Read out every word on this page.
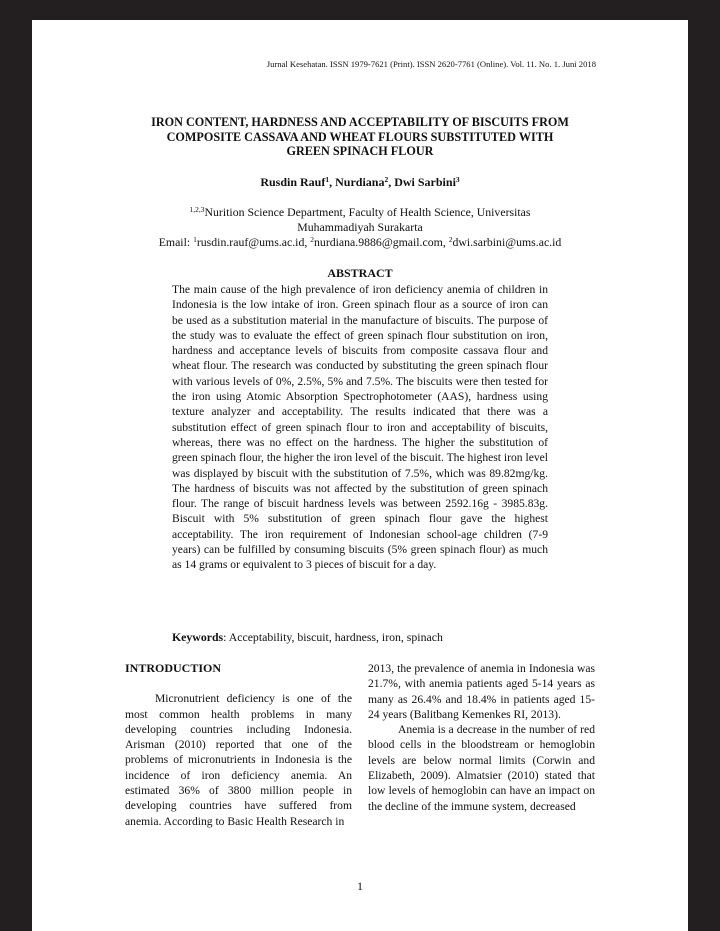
Jurnal Kesehatan. ISSN 1979-7621 (Print). ISSN 2620-7761 (Online). Vol. 11. No. 1. Juni 2018
IRON CONTENT, HARDNESS AND ACCEPTABILITY OF BISCUITS FROM
COMPOSITE CASSAVA AND WHEAT FLOURS SUBSTITUTED WITH
GREEN SPINACH FLOUR
Rusdin Rauf$^1$, Nurdiana$^2$, Dwi Sarbini$^3$
$^{1,2,3}$Nurition Science Department, Faculty of Health Science, Universitas
Muhammadiyah Surakarta
Email: $^1$rusdin.rauf@ums.ac.id, $^2$nurdiana.9886@gmail.com, $^2$dwi.sarbini@ums.ac.id
ABSTRACT

The main cause of the high prevalence of iron deficiency anemia of children in Indonesia is the low intake of iron. Green spinach flour as a source of iron can be used as a substitution material in the manufacture of biscuits. The purpose of the study was to evaluate the effect of green spinach flour substitution on iron, hardness and acceptance levels of biscuits from composite cassava flour and wheat flour. The research was conducted by substituting the green spinach flour with various levels of 0%, 2.5%, 5% and 7.5%. The biscuits were then tested for the iron using Atomic Absorption Spectrophotometer (AAS), hardness using texture analyzer and acceptability. The results indicated that there was a substitution effect of green spinach flour to iron and acceptability of biscuits, whereas, there was no effect on the hardness. The higher the substitution of green spinach flour, the higher the iron level of the biscuit. The highest iron level was displayed by biscuit with the substitution of 7.5%, which was 89.82mg/kg. The hardness of biscuits was not affected by the substitution of green spinach flour. The range of biscuit hardness levels was between 2592.16g - 3985.83g. Biscuit with 5% substitution of green spinach flour gave the highest acceptability. The iron requirement of Indonesian school-age children (7-9 years) can be fulfilled by consuming biscuits (5% green spinach flour) as much as 14 grams or equivalent to 3 pieces of biscuit for a day.

Keywords: Acceptability, biscuit, hardness, iron, spinach
INTRODUCTION

Micronutrient deficiency is one of the most common health problems in many developing countries including Indonesia. Arisman (2010) reported that one of the problems of micronutrients in Indonesia is the incidence of iron deficiency anemia. An estimated 36% of 3800 million people in developing countries have suffered from anemia. According to Basic Health Research in

2013, the prevalence of anemia in Indonesia was 21.7%, with anemia patients aged 5-14 years as many as 26.4% and 18.4% in patients aged 15-24 years (Balitbang Kemenkes RI, 2013).

Anemia is a decrease in the number of red blood cells in the bloodstream or hemoglobin levels are below normal limits (Corwin and Elizabeth, 2009). Almatsier (2010) stated that low levels of hemoglobin can have an impact on the decline of the immune system, decreased

1
